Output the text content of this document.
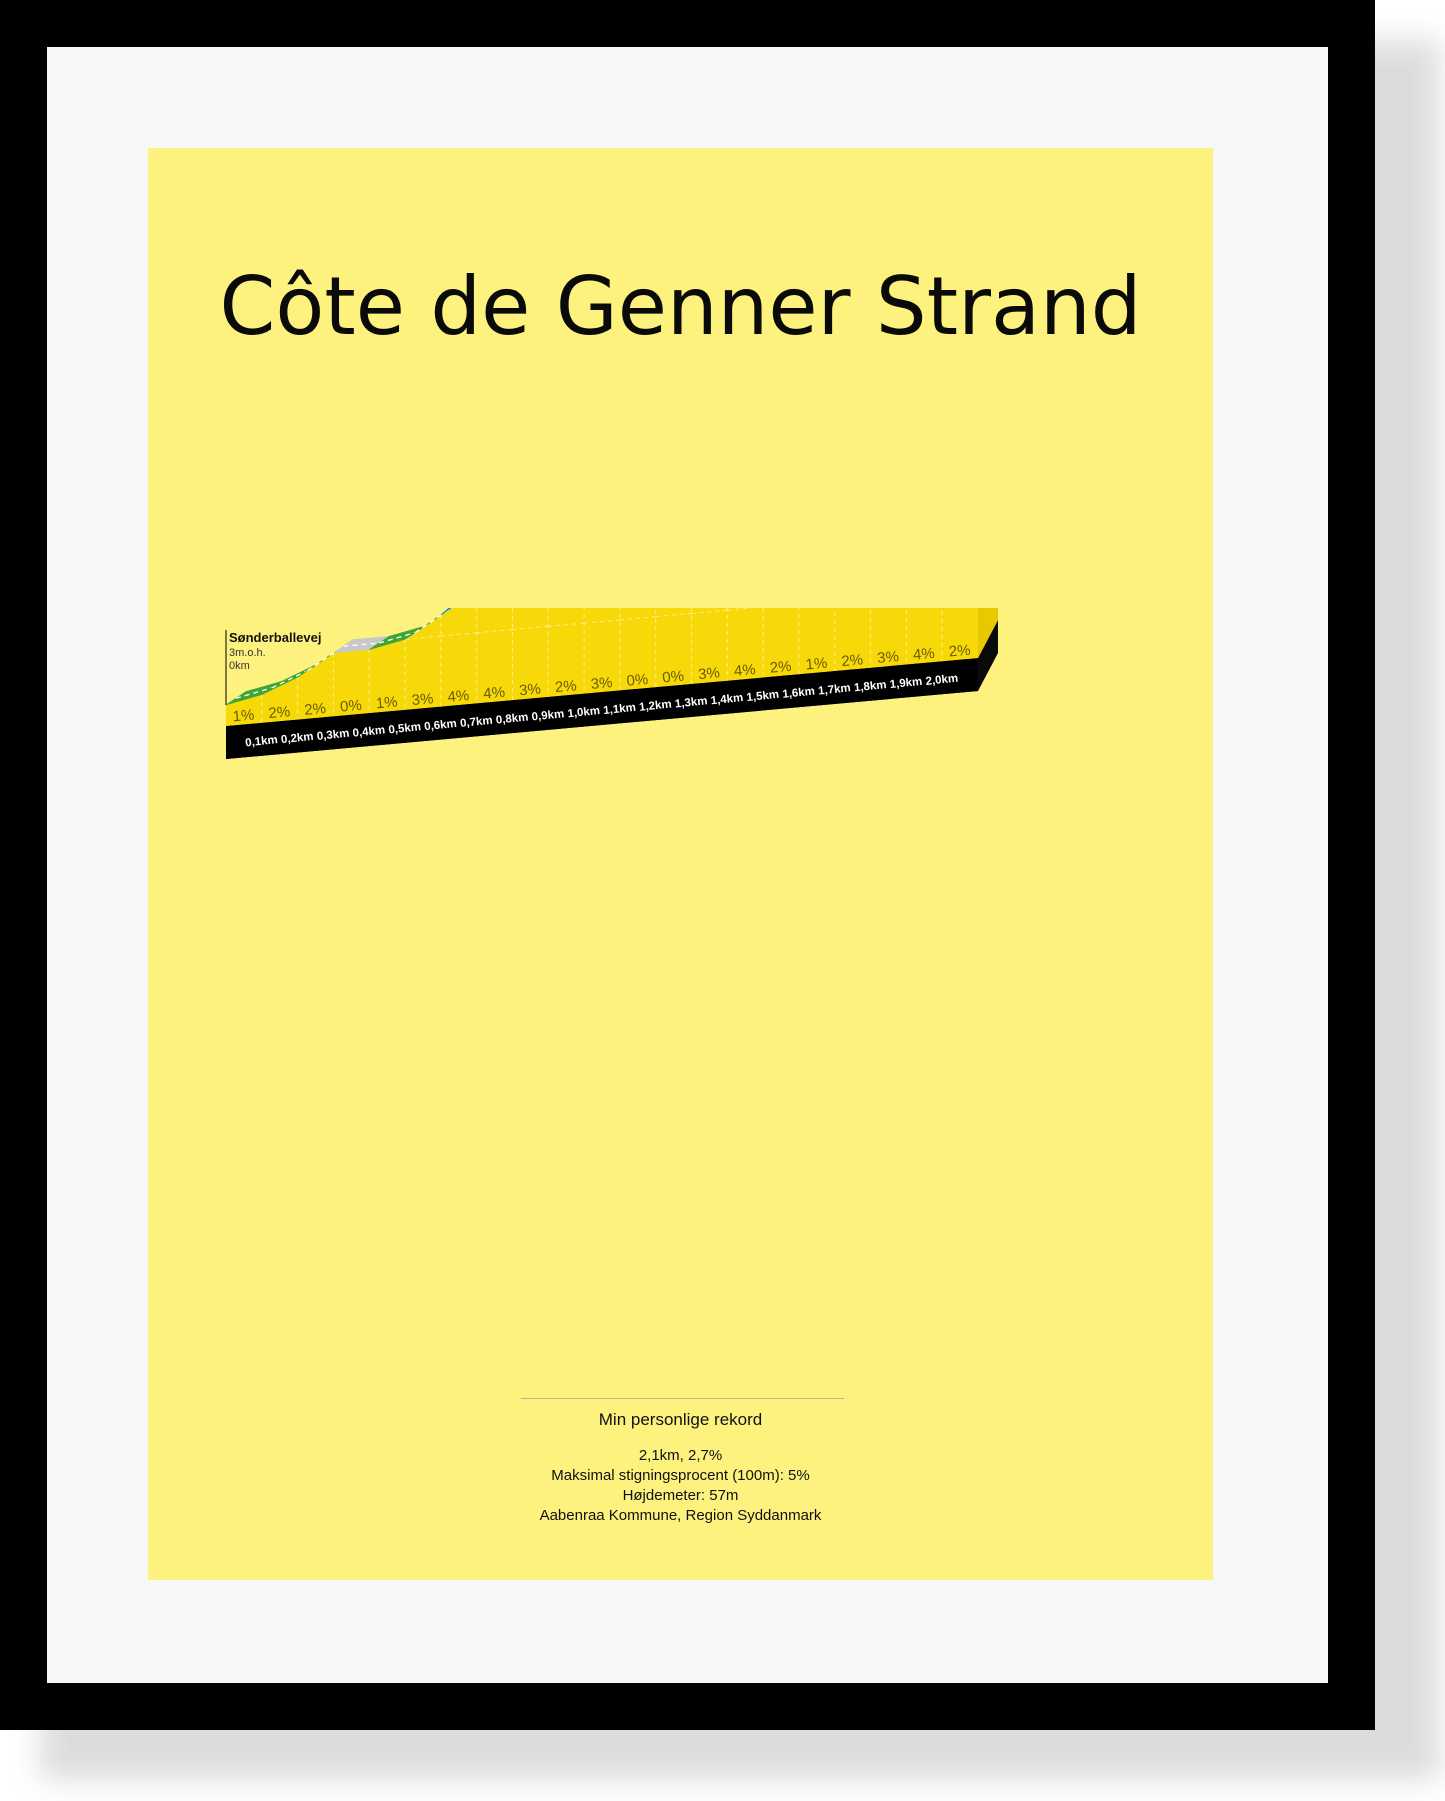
Côte de Genner Strand
1% 2% 2% 0% 1% 3% 4% 4% 3% 2% 3% 0% 0% 3% 4% 2% 1% 2% 3% 4% 2%
0,1km 0,2km 0,3km 0,4km 0,5km 0,6km 0,7km 0,8km 0,9km 1,0km 1,1km 1,2km 1,3km 1,4km 1,5km 1,6km 1,7km 1,8km 1,9km 2,0km
Sønderballevej
3m.o.h.
0km
Min personlige rekord
2,1km, 2,7%
Maksimal stigningsprocent (100m): 5%
Højdemeter: 57m
Aabenraa Kommune, Region Syddanmark
